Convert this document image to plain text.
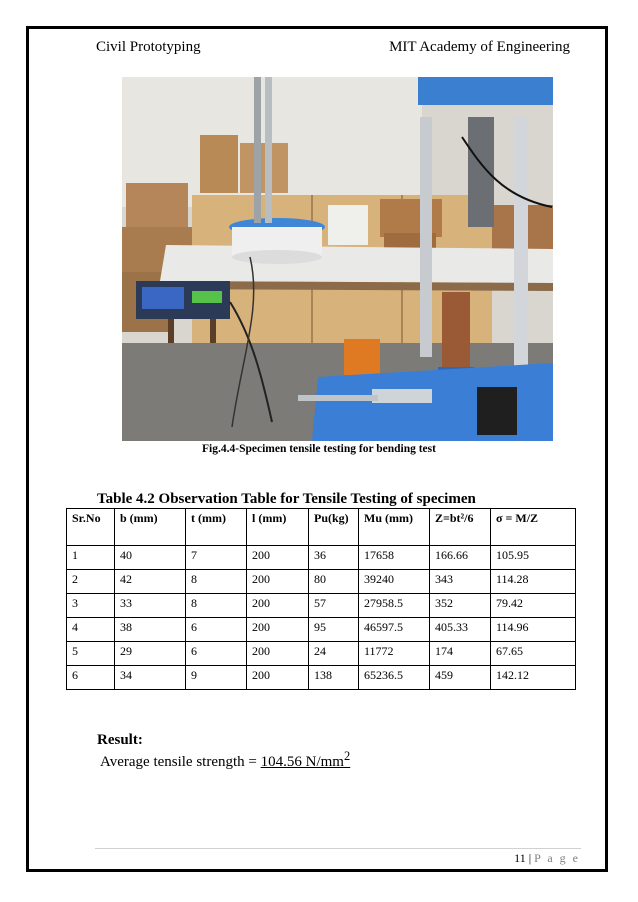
Civil Prototyping	MIT Academy of Engineering
Fig.4.4-Specimen tensile testing for bending test
Table 4.2 Observation Table for Tensile Testing of specimen
Sr.No	b (mm)	t (mm)	l (mm)	Pu(kg)	Mu (mm)	Z=bt²/6	σ = M/Z
1	40	7	200	36	17658	166.66	105.95
2	42	8	200	80	39240	343	114.28
3	33	8	200	57	27958.5	352	79.42
4	38	6	200	95	46597.5	405.33	114.96
5	29	6	200	24	11772	174	67.65
6	34	9	200	138	65236.5	459	142.12
Result:
Average tensile strength = 104.56 $N/mm^2$
11 | P a g e
